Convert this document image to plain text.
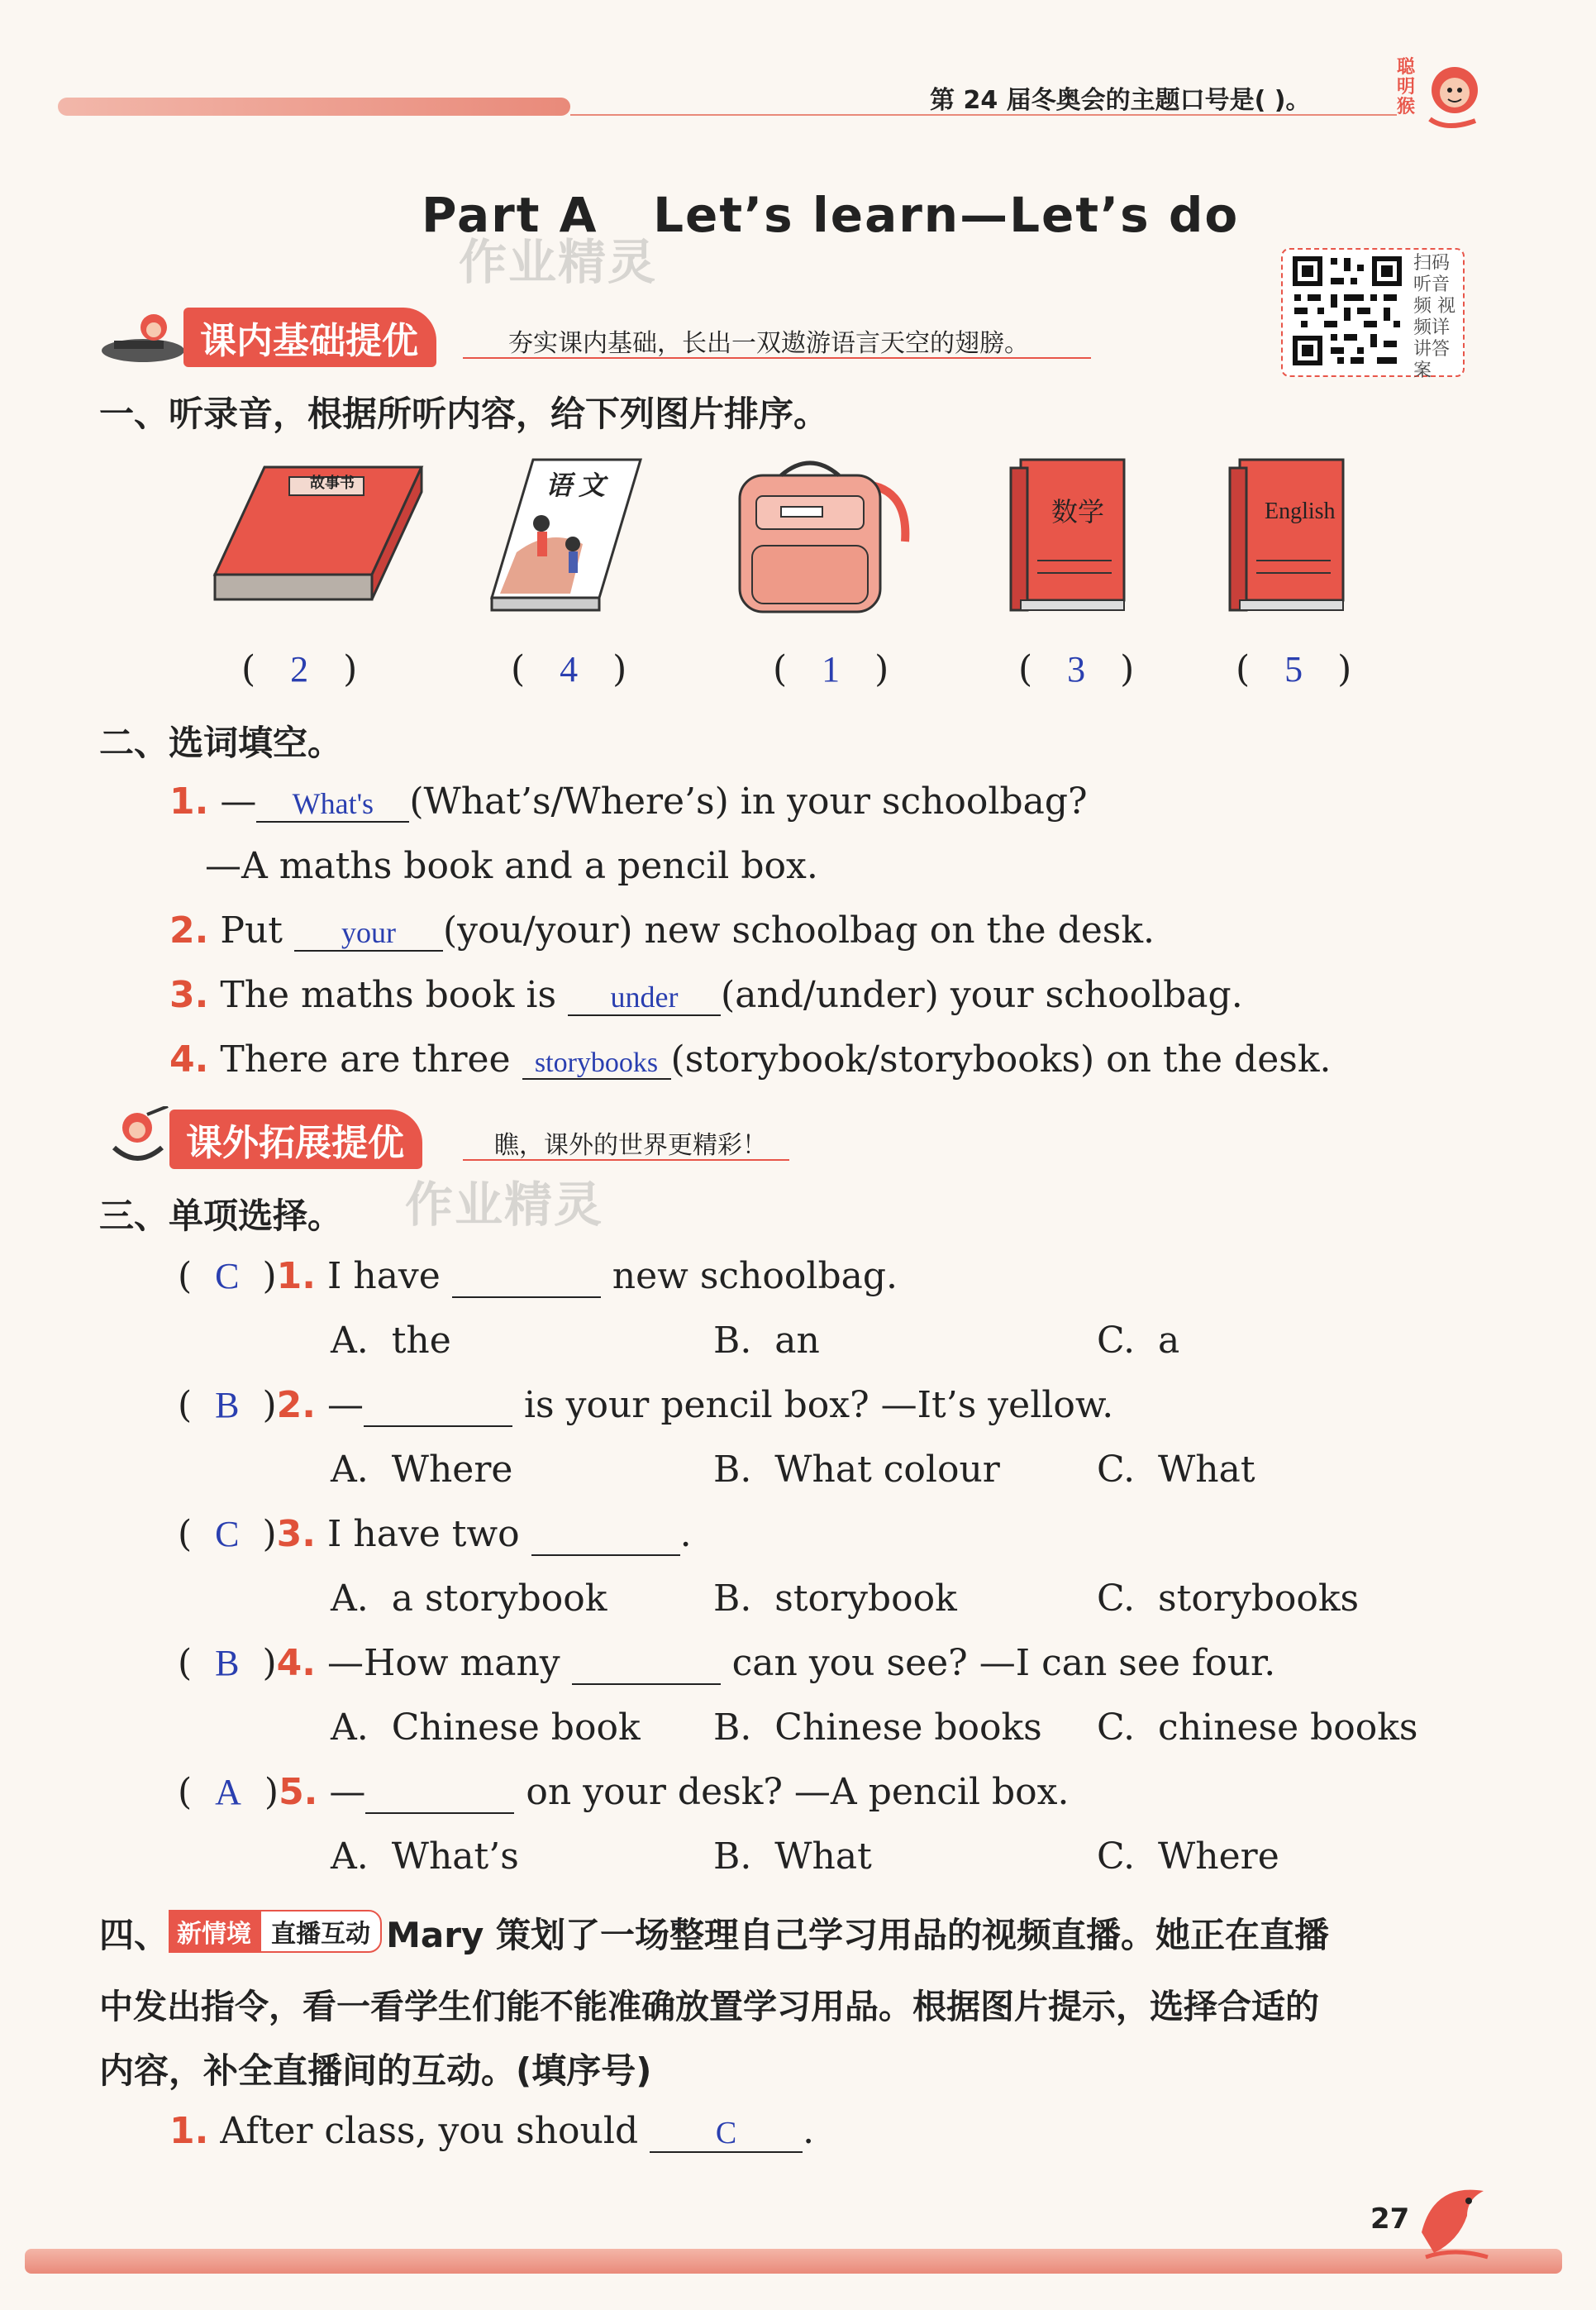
第 24 届冬奥会的主题口号是( )。
聪明猴
Part A   Let’s learn—Let’s do
作业精灵	扫码听音频 视频详讲答案
课内基础提优	夯实课内基础，长出一双遨游语言天空的翅膀。
一、听录音，根据所听内容，给下列图片排序。
故事书	语 文
数学	English
(   2   )	(   4   )	(   1   )	(   3   )	(   5   )
二、选词填空。
1. — What's (What’s/Where’s) in your schoolbag?
—A maths book and a pencil box.
2. Put your (you/your) new schoolbag on the desk.
3. The maths book is under (and/under) your schoolbag.
4. There are three storybooks (storybook/storybooks) on the desk.
课外拓展提优	瞧，课外的世界更精彩！
三、单项选择。 作业精灵
(  C  )1. I have	new schoolbag.
A.  the	B.  an	C.  a
(  B  )2. —	is your pencil box? —It’s yellow.
A.  Where	B.  What colour	C.  What
(  C  )3. I have two	.
A.  a storybook	B.  storybook	C.  storybooks
(  B  )4. —How many	can you see? —I can see four.
A.  Chinese book B.  Chinese books C.  chinese books
(  A  )5. —	on your desk? —A pencil box.
A.  What’s	B.  What	C.  Where
四、 新情境 直播互动 Mary 策划了一场整理自己学习用品的视频直播。她正在直播
中发出指令，看一看学生们能不能准确放置学习用品。根据图片提示，选择合适的
内容，补全直播间的互动。(填序号)
1. After class, you should C .
27
